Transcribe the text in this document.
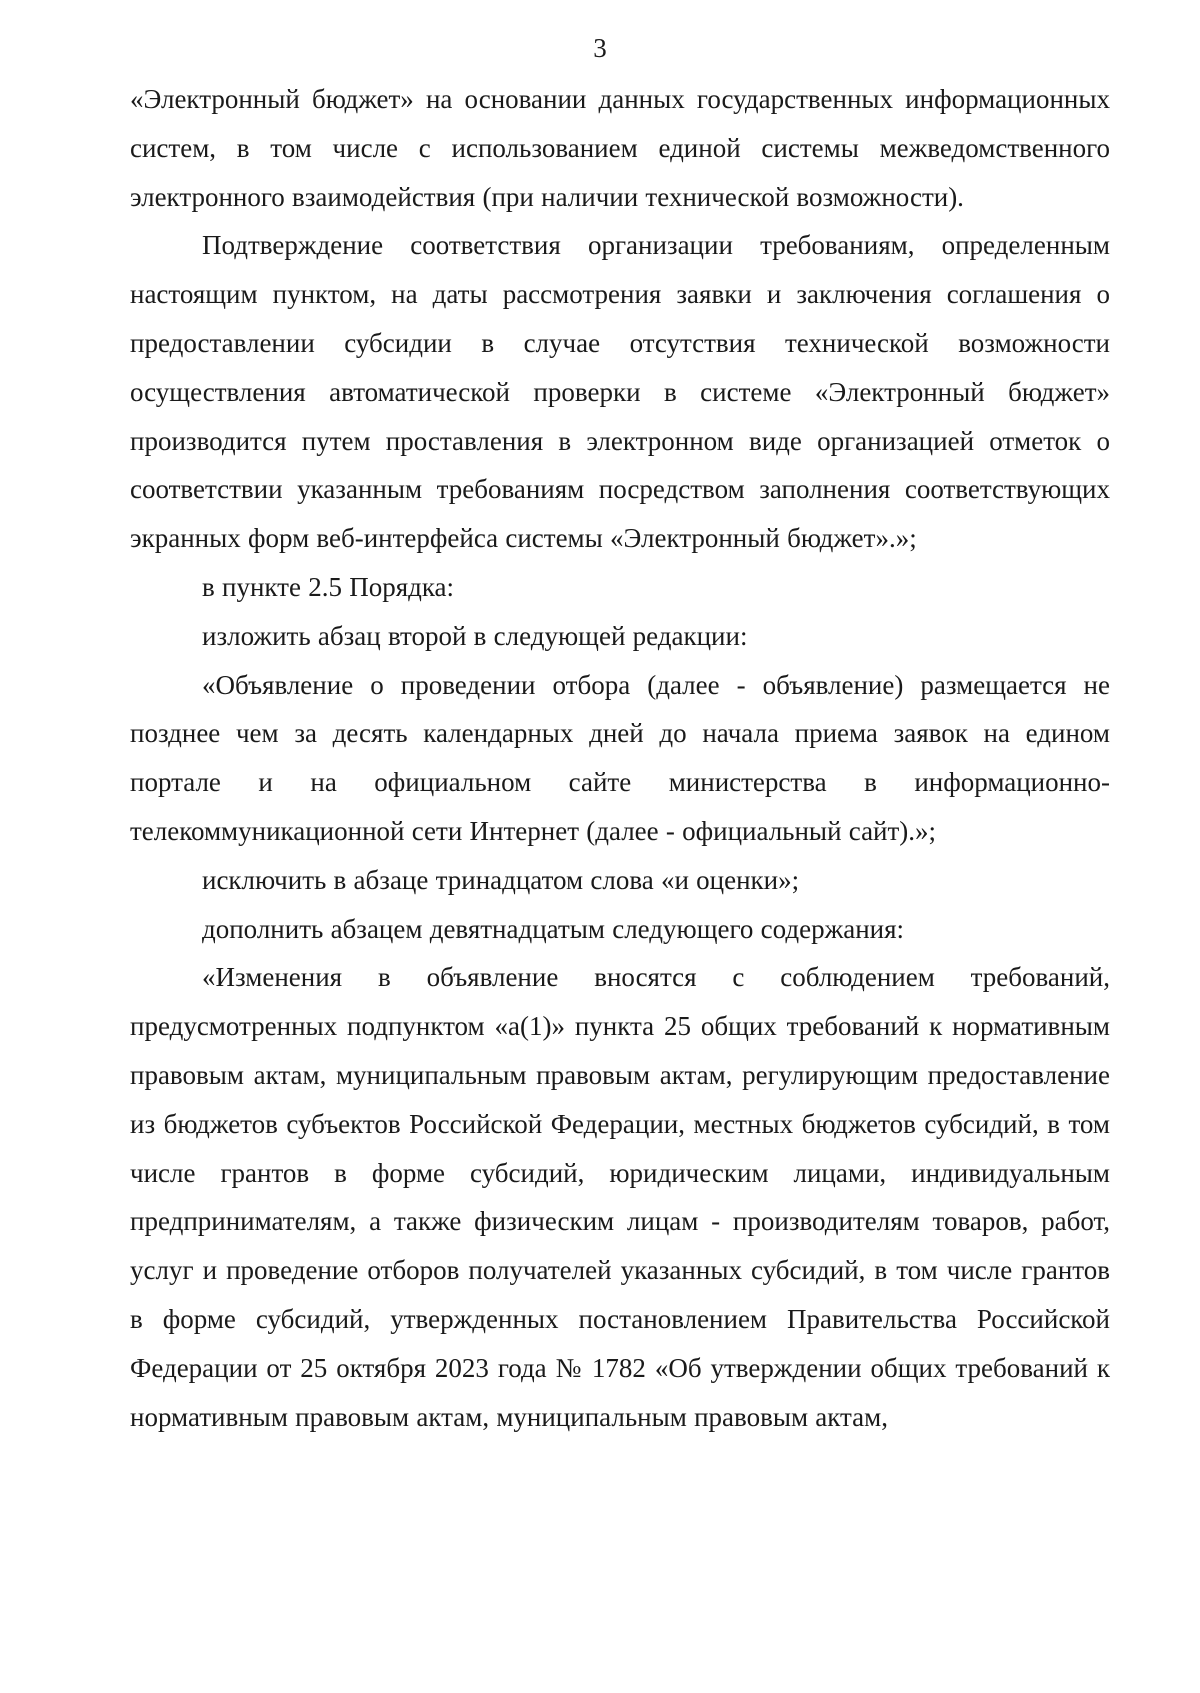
3

«Электронный бюджет» на основании данных государственных информационных систем, в том числе с использованием единой системы межведомственного электронного взаимодействия (при наличии технической возможности).

Подтверждение соответствия организации требованиям, определенным настоящим пунктом, на даты рассмотрения заявки и заключения соглашения о предоставлении субсидии в случае отсутствия технической возможности осуществления автоматической проверки в системе «Электронный бюджет» производится путем проставления в электронном виде организацией отметок о соответствии указанным требованиям посредством заполнения соответствующих экранных форм веб-интерфейса системы «Электронный бюджет».»;

в пункте 2.5 Порядка:

изложить абзац второй в следующей редакции:

«Объявление о проведении отбора (далее - объявление) размещается не позднее чем за десять календарных дней до начала приема заявок на едином портале и на официальном сайте министерства в информационно-телекоммуникационной сети Интернет (далее - официальный сайт).»;

исключить в абзаце тринадцатом слова «и оценки»;

дополнить абзацем девятнадцатым следующего содержания:

«Изменения в объявление вносятся с соблюдением требований, предусмотренных подпунктом «а(1)» пункта 25 общих требований к нормативным правовым актам, муниципальным правовым актам, регулирующим предоставление из бюджетов субъектов Российской Федерации, местных бюджетов субсидий, в том числе грантов в форме субсидий, юридическим лицами, индивидуальным предпринимателям, а также физическим лицам - производителям товаров, работ, услуг и проведение отборов получателей указанных субсидий, в том числе грантов в форме субсидий, утвержденных постановлением Правительства Российской Федерации от 25 октября 2023 года № 1782 «Об утверждении общих требований к нормативным правовым актам, муниципальным правовым актам,
